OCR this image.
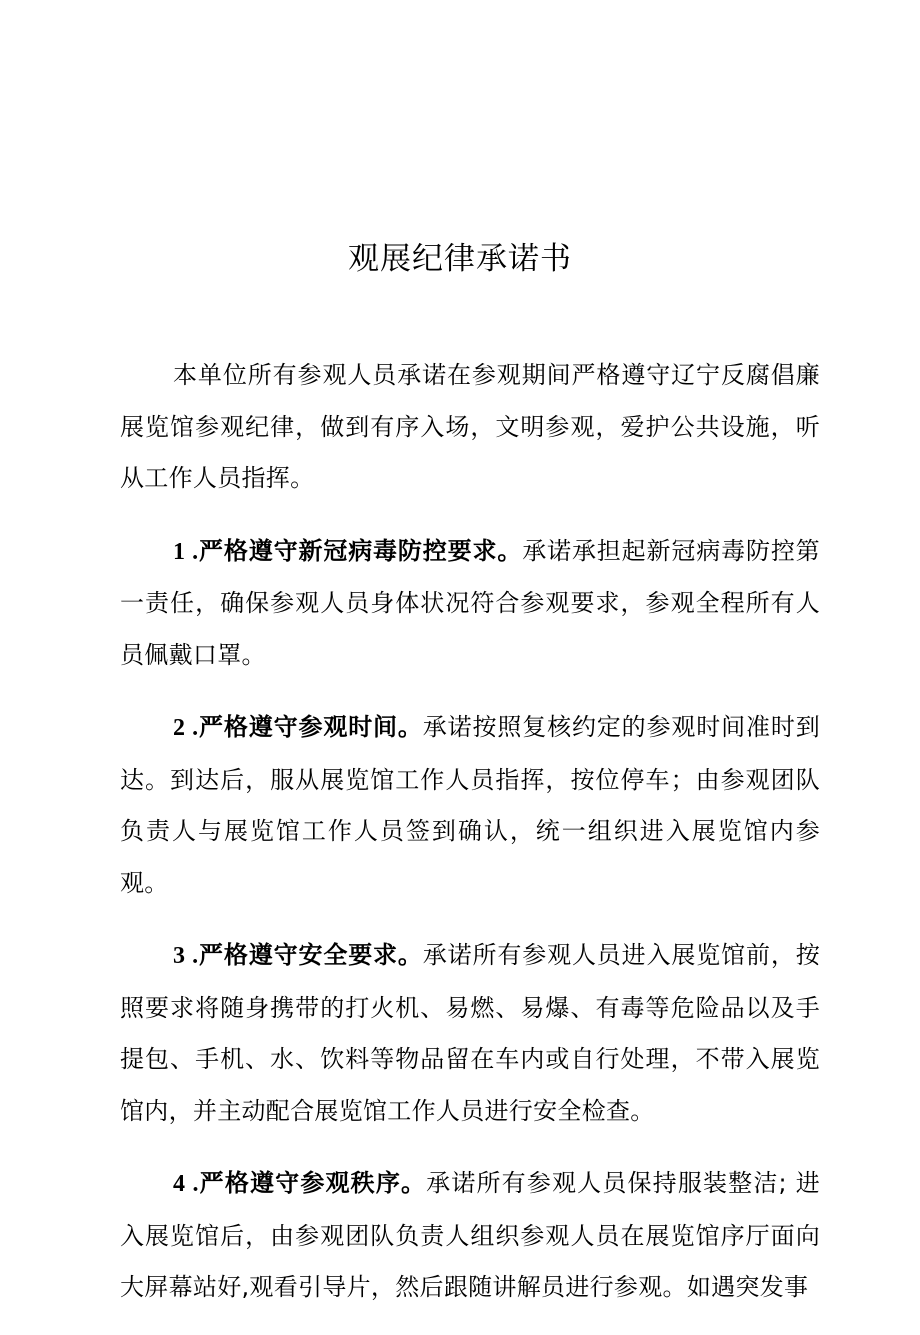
观展纪律承诺书

本单位所有参观人员承诺在参观期间严格遵守辽宁反腐倡廉展览馆参观纪律，做到有序入场，文明参观，爱护公共设施，听从工作人员指挥。

1 .严格遵守新冠病毒防控要求。承诺承担起新冠病毒防控第一责任，确保参观人员身体状况符合参观要求，参观全程所有人员佩戴口罩。

2 .严格遵守参观时间。承诺按照复核约定的参观时间准时到达。到达后，服从展览馆工作人员指挥，按位停车；由参观团队负责人与展览馆工作人员签到确认，统一组织进入展览馆内参观。

3 .严格遵守安全要求。承诺所有参观人员进入展览馆前，按照要求将随身携带的打火机、易燃、易爆、有毒等危险品以及手提包、手机、水、饮料等物品留在车内或自行处理，不带入展览馆内，并主动配合展览馆工作人员进行安全检查。

4 .严格遵守参观秩序。承诺所有参观人员保持服装整洁; 进入展览馆后，由参观团队负责人组织参观人员在展览馆序厅面向大屏幕站好,观看引导片，然后跟随讲解员进行参观。如遇突发事
